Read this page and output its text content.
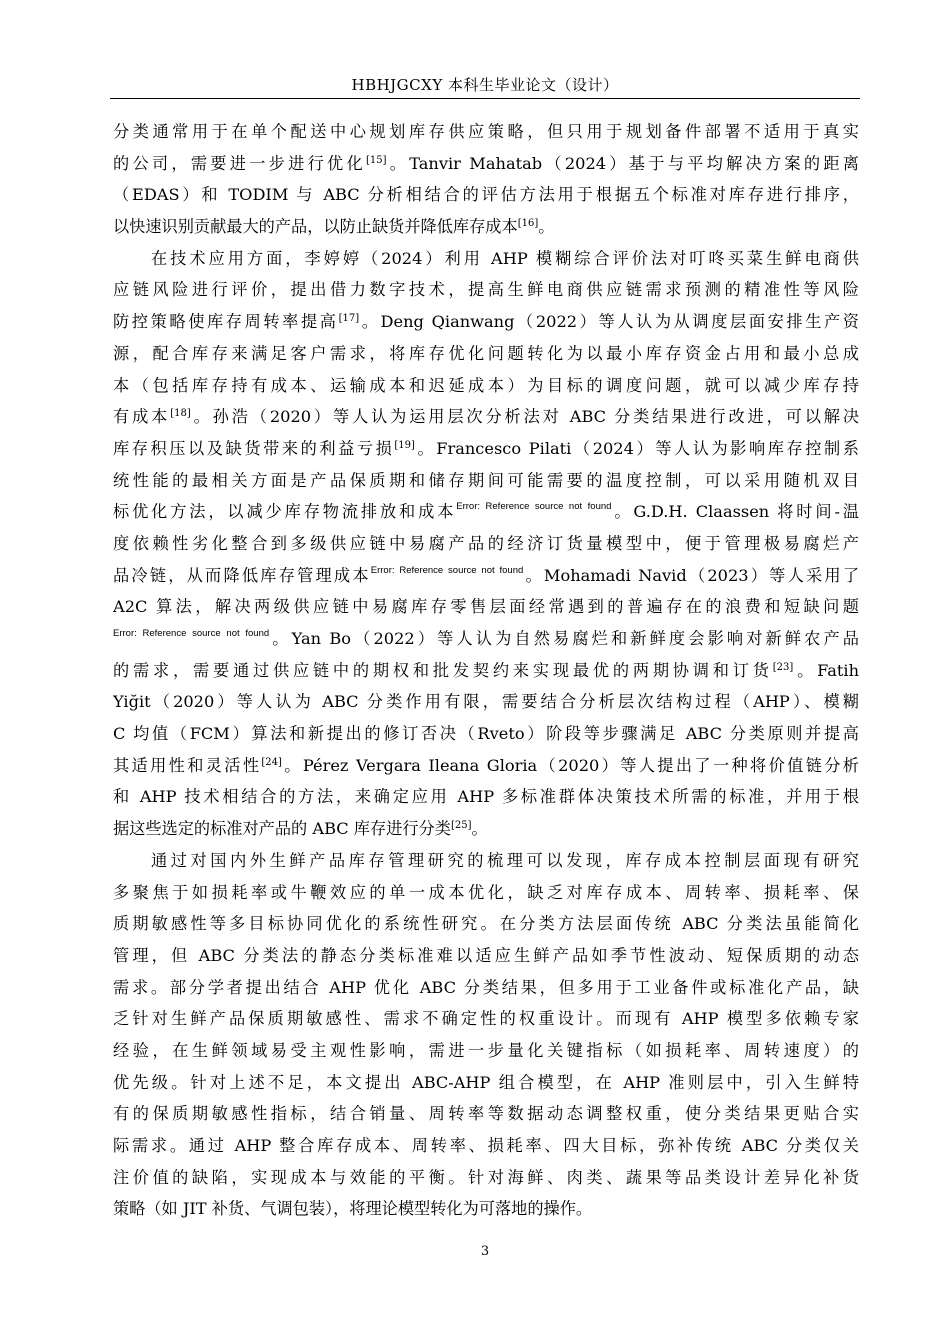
HBHJGCXY 本科生毕业论文（设计）
分类通常用于在单个配送中心规划库存供应策略，但只用于规划备件部署不适用于真实
的公司，需要进一步进行优化[15]。Tanvir Mahatab（2024）基于与平均解决方案的距离
（EDAS）和 TODIM 与 ABC 分析相结合的评估方法用于根据五个标准对库存进行排序，
以快速识别贡献最大的产品，以防止缺货并降低库存成本[16]。
在技术应用方面，李婷婷（2024）利用 AHP 模糊综合评价法对叮咚买菜生鲜电商供
应链风险进行评价，提出借力数字技术，提高生鲜电商供应链需求预测的精准性等风险
防控策略使库存周转率提高[17]。Deng Qianwang（2022）等人认为从调度层面安排生产资
源，配合库存来满足客户需求，将库存优化问题转化为以最小库存资金占用和最小总成
本（包括库存持有成本、运输成本和迟延成本）为目标的调度问题，就可以减少库存持
有成本[18]。孙浩（2020）等人认为运用层次分析法对 ABC 分类结果进行改进，可以解决
库存积压以及缺货带来的利益亏损[19]。Francesco Pilati（2024）等人认为影响库存控制系
统性能的最相关方面是产品保质期和储存期间可能需要的温度控制，可以采用随机双目
标优化方法，以减少库存物流排放和成本$^{Error: Reference source not found}$。G.D.H. Claassen 将时间-温
度依赖性劣化整合到多级供应链中易腐产品的经济订货量模型中，便于管理极易腐烂产
品冷链，从而降低库存管理成本$^{Error: Reference source not found}$。Mohamadi Navid（2023）等人采用了
A2C 算法，解决两级供应链中易腐库存零售层面经常遇到的普遍存在的浪费和短缺问题
$^{Error: Reference source not found}$。Yan Bo（2022）等人认为自然易腐烂和新鲜度会影响对新鲜农产品
的需求，需要通过供应链中的期权和批发契约来实现最优的两期协调和订货[23]。Fatih
Yiğit（2020）等人认为 ABC 分类作用有限，需要结合分析层次结构过程（AHP）、模糊
C 均值（FCM）算法和新提出的修订否决（Rveto）阶段等步骤满足 ABC 分类原则并提高
其适用性和灵活性[24]。Pérez Vergara Ileana Gloria（2020）等人提出了一种将价值链分析
和 AHP 技术相结合的方法，来确定应用 AHP 多标准群体决策技术所需的标准，并用于根
据这些选定的标准对产品的 ABC 库存进行分类[25]。
通过对国内外生鲜产品库存管理研究的梳理可以发现，库存成本控制层面现有研究
多聚焦于如损耗率或牛鞭效应的单一成本优化，缺乏对库存成本、周转率、损耗率、保
质期敏感性等多目标协同优化的系统性研究。在分类方法层面传统 ABC 分类法虽能简化
管理，但 ABC 分类法的静态分类标准难以适应生鲜产品如季节性波动、短保质期的动态
需求。部分学者提出结合 AHP 优化 ABC 分类结果，但多用于工业备件或标准化产品，缺
乏针对生鲜产品保质期敏感性、需求不确定性的权重设计。而现有 AHP 模型多依赖专家
经验，在生鲜领域易受主观性影响，需进一步量化关键指标（如损耗率、周转速度）的
优先级。针对上述不足，本文提出 ABC-AHP 组合模型，在 AHP 准则层中，引入生鲜特
有的保质期敏感性指标，结合销量、周转率等数据动态调整权重，使分类结果更贴合实
际需求。通过 AHP 整合库存成本、周转率、损耗率、四大目标，弥补传统 ABC 分类仅关
注价值的缺陷，实现成本与效能的平衡。针对海鲜、肉类、蔬果等品类设计差异化补货
策略（如 JIT 补货、气调包装），将理论模型转化为可落地的操作。
3
